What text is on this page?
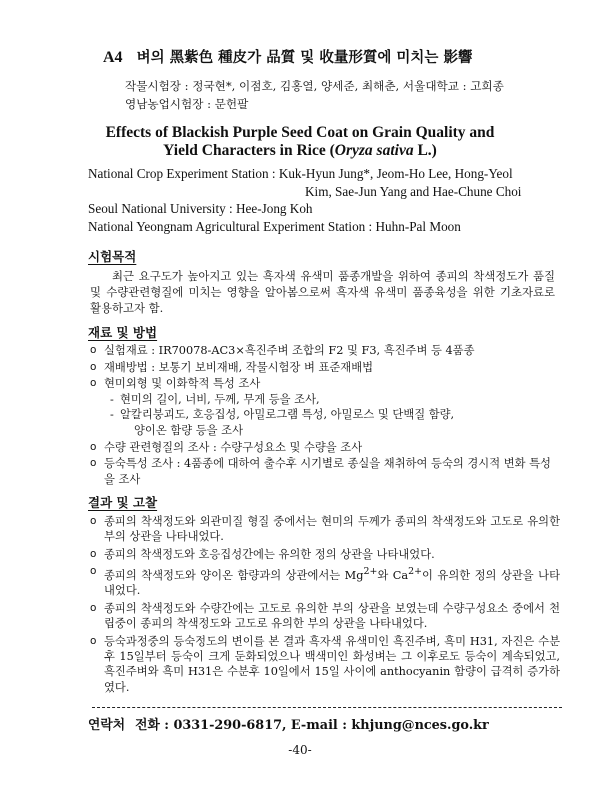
A4 벼의 黑紫色 種皮가 品質 및 收量形質에 미치는 影響
작물시험장 : 정국현*, 이점호, 김홍열, 양세준, 최해춘, 서울대학교 : 고희종
영남농업시험장 : 문헌팔
Effects of Blackish Purple Seed Coat on Grain Quality and
Yield Characters in Rice (Oryza sativa L.)
National Crop Experiment Station : Kuk-Hyun Jung*, Jeom-Ho Lee, Hong-Yeol
Kim, Sae-Jun Yang and Hae-Chune Choi
Seoul National University : Hee-Jong Koh
National Yeongnam Agricultural Experiment Station : Huhn-Pal Moon
시험목적
최근 요구도가 높아지고 있는 흑자색 유색미 품종개발을 위하여 종피의 착색정도가 품질 및 수량관련형질에 미치는 영향을 알아봄으로써 흑자색 유색미 품종육성을 위한 기초자료로 활용하고자 함.
재료 및 방법
o 실험재료 : IR70078-AC3×흑진주벼 조합의 F2 및 F3, 흑진주벼 등 4품종
o 재배방법 : 보통기 보비재배, 작물시험장 벼 표준재배법
o 현미외형 및 이화학적 특성 조사
- 현미의 길이, 너비, 두께, 무게 등을 조사,
- 알칼리붕괴도, 호응집성, 아밀로그램 특성, 아밀로스 및 단백질 함량,
양이온 함량 등을 조사
o 수량 관련형질의 조사 : 수량구성요소 및 수량을 조사
o 등숙특성 조사 : 4품종에 대하여 출수후 시기별로 종실을 채취하여 등숙의 경시적 변화 특성을 조사
결과 및 고찰
o 종피의 착색정도와 외관미질 형질 중에서는 현미의 두께가 종피의 착색정도와 고도로 유의한 부의 상관을 나타내었다.
o 종피의 착색정도와 호응집성간에는 유의한 정의 상관을 나타내었다.
o 종피의 착색정도와 양이온 함량과의 상관에서는 $Mg^{2+}$와 $Ca^{2+}$이 유의한 정의 상관을 나타내었다.
o 종피의 착색정도와 수량간에는 고도로 유의한 부의 상관을 보였는데 수량구성요소 중에서 천립중이 종피의 착색정도와 고도로 유의한 부의 상관을 나타내었다.
o 등숙과정중의 등숙정도의 변이를 본 결과 흑자색 유색미인 흑진주벼, 흑미 H31, 자진은 수분후 15일부터 등숙이 크게 둔화되었으나 백색미인 화성벼는 그 이후로도 등숙이 계속되었고, 흑진주벼와 흑미 H31은 수분후 10일에서 15일 사이에 anthocyanin 함량이 급격히 증가하였다.
연락처 전화 : 0331-290-6817, E-mail : khjung@nces.go.kr
-40-
